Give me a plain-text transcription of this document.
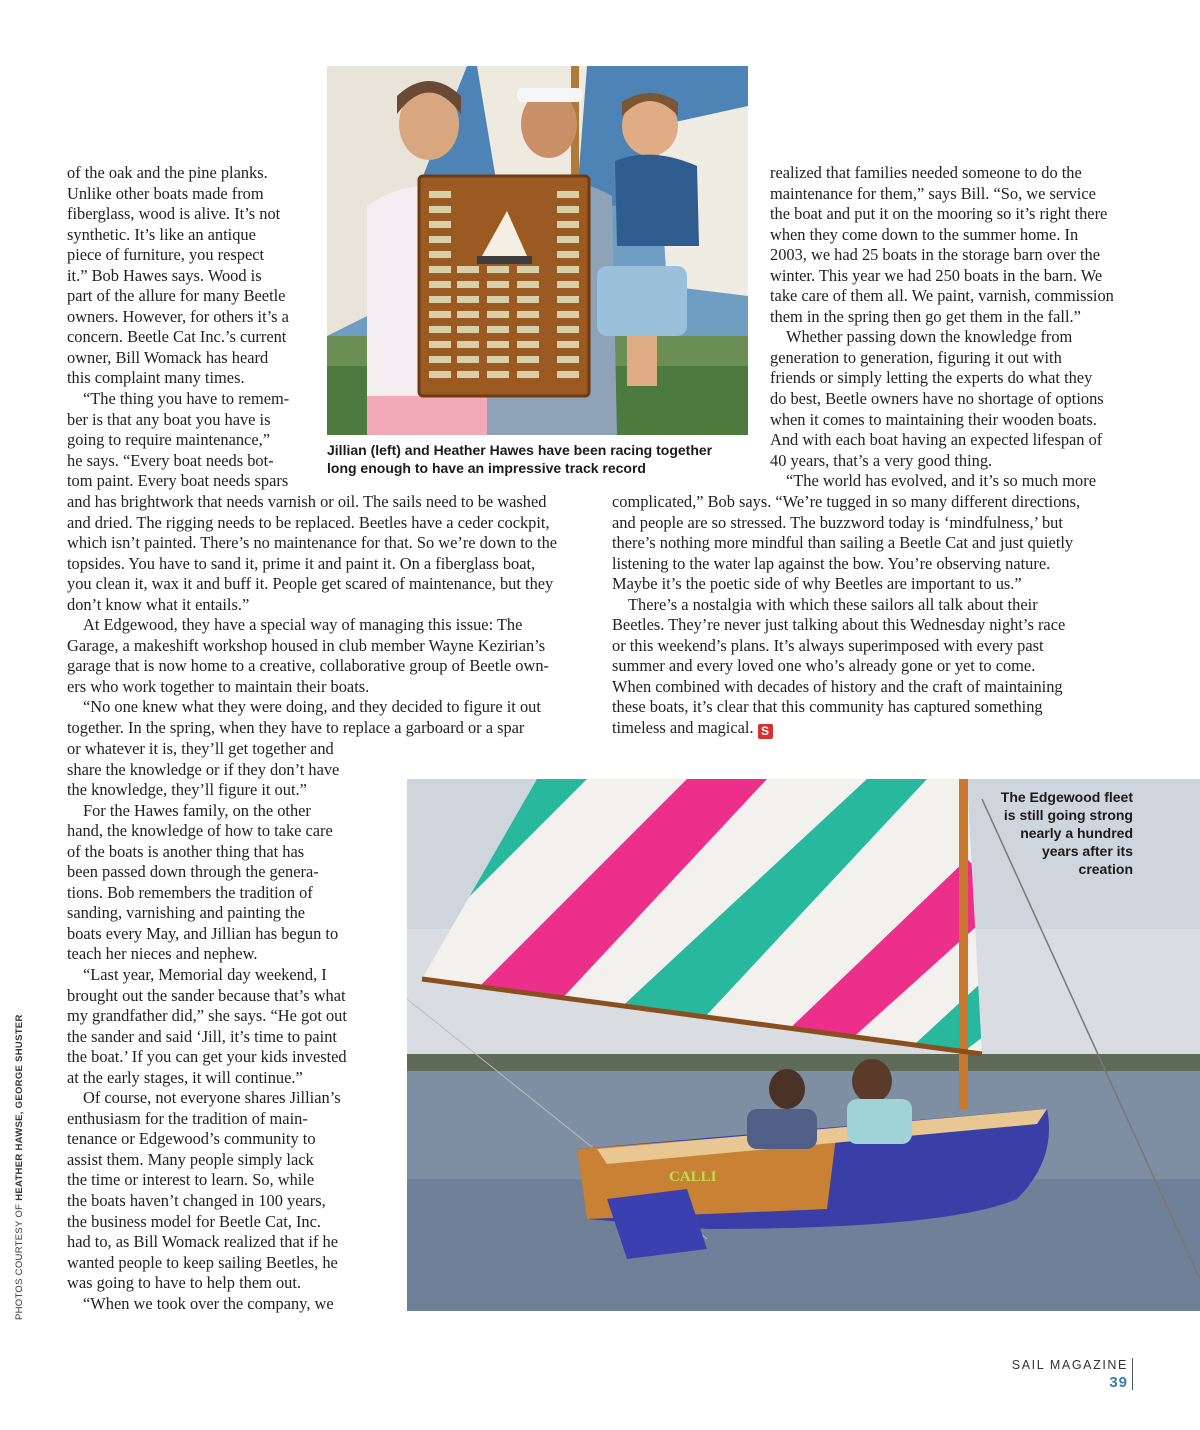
Jillian (left) and Heather Hawes have been racing together
long enough to have an impressive track record
of the oak and the pine planks.
Unlike other boats made from
fiberglass, wood is alive. It’s not
synthetic. It’s like an antique
piece of furniture, you respect
it.” Bob Hawes says. Wood is
part of the allure for many Beetle
owners. However, for others it’s a
concern. Beetle Cat Inc.’s current
owner, Bill Womack has heard
this complaint many times.
“The thing you have to remem-
ber is that any boat you have is
going to require maintenance,”
he says. “Every boat needs bot-
tom paint. Every boat needs spars
and has brightwork that needs varnish or oil. The sails need to be washed
and dried. The rigging needs to be replaced. Beetles have a ceder cockpit,
which isn’t painted. There’s no maintenance for that. So we’re down to the
topsides. You have to sand it, prime it and paint it. On a fiberglass boat,
you clean it, wax it and buff it. People get scared of maintenance, but they
don’t know what it entails.”
At Edgewood, they have a special way of managing this issue: The
Garage, a makeshift workshop housed in club member Wayne Kezirian’s
garage that is now home to a creative, collaborative group of Beetle own-
ers who work together to maintain their boats.
“No one knew what they were doing, and they decided to figure it out
together. In the spring, when they have to replace a garboard or a spar
or whatever it is, they’ll get together and
share the knowledge or if they don’t have
the knowledge, they’ll figure it out.”
For the Hawes family, on the other
hand, the knowledge of how to take care
of the boats is another thing that has
been passed down through the genera-
tions. Bob remembers the tradition of
sanding, varnishing and painting the
boats every May, and Jillian has begun to
teach her nieces and nephew.
“Last year, Memorial day weekend, I
brought out the sander because that’s what
my grandfather did,” she says. “He got out
the sander and said ‘Jill, it’s time to paint
the boat.’ If you can get your kids invested
at the early stages, it will continue.”
Of course, not everyone shares Jillian’s
enthusiasm for the tradition of main-
tenance or Edgewood’s community to
assist them. Many people simply lack
the time or interest to learn. So, while
the boats haven’t changed in 100 years,
the business model for Beetle Cat, Inc.
had to, as Bill Womack realized that if he
wanted people to keep sailing Beetles, he
was going to have to help them out.
“When we took over the company, we
realized that families needed someone to do the
maintenance for them,” says Bill. “So, we service
the boat and put it on the mooring so it’s right there
when they come down to the summer home. In
2003, we had 25 boats in the storage barn over the
winter. This year we had 250 boats in the barn. We
take care of them all. We paint, varnish, commission
them in the spring then go get them in the fall.”
Whether passing down the knowledge from
generation to generation, figuring it out with
friends or simply letting the experts do what they
do best, Beetle owners have no shortage of options
when it comes to maintaining their wooden boats.
And with each boat having an expected lifespan of
40 years, that’s a very good thing.
“The world has evolved, and it’s so much more
complicated,” Bob says. “We’re tugged in so many different directions,
and people are so stressed. The buzzword today is ‘mindfulness,’ but
there’s nothing more mindful than sailing a Beetle Cat and just quietly
listening to the water lap against the bow. You’re observing nature.
Maybe it’s the poetic side of why Beetles are important to us.”
There’s a nostalgia with which these sailors all talk about their
Beetles. They’re never just talking about this Wednesday night’s race
or this weekend’s plans. It’s always superimposed with every past
summer and every loved one who’s already gone or yet to come.
When combined with decades of history and the craft of maintaining
these boats, it’s clear that this community has captured something
timeless and magical. S
CALLI
The Edgewood fleet
is still going strong
nearly a hundred
years after its
creation
PHOTOS COURTESY OF HEATHER HAWSE, GEORGE SHUSTER
SAIL MAGAZINE
39
